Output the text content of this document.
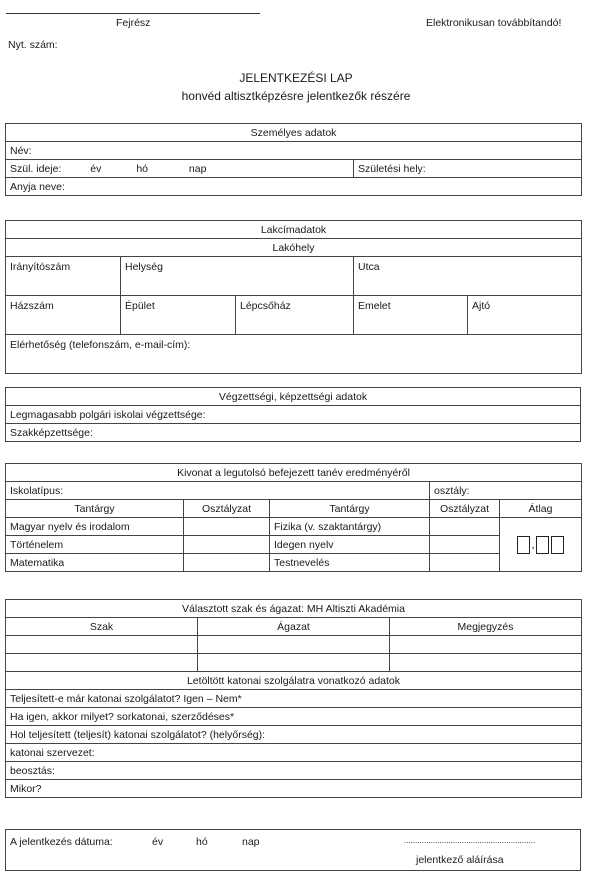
Fejrész	Elektronikusan továbbítandó!
Nyt. szám:
JELENTKEZÉSI LAP
honvéd altisztképzésre jelentkezők részére
Személyes adatok
Név:
Szül. ideje:	év	hó	nap	Születési hely:
Anyja neve:
Lakcímadatok				
Lakóhely				
Irányítószám	Helység		Utca	
Házszám	Épület	Lépcsőház	Emelet	Ajtó
Elérhetőség (telefonszám, e-mail-cím):				
Végzettségi, képzettségi adatok
Legmagasabb polgári iskolai végzettsége:
Szakképzettsége:
Kivonat a legutolsó befejezett tanév eredményéről				
Iskolatípus:			osztály:	
Tantárgy	Osztályzat	Tantárgy	Osztályzat	Átlag
Magyar nyelv és irodalom		Fizika (v. szaktantárgy)		,
Történelem		Idegen nyelv		
Matematika		Testnevelés		
Választott szak és ágazat: MH Altiszti Akadémia		
Szak	Ágazat	Megjegyzés

Letöltött katonai szolgálatra vonatkozó adatok		
Teljesített-e már katonai szolgálatot? Igen – Nem*		
Ha igen, akkor milyet? sorkatonai, szerződéses*		
Hol teljesített (teljesít) katonai szolgálatot? (helyőrség):		
katonai szervezet:		
beosztás:		
Mikor?		
A jelentkezés dátuma:	év	hó	nap	...........................................................
jelentkező aláírása
